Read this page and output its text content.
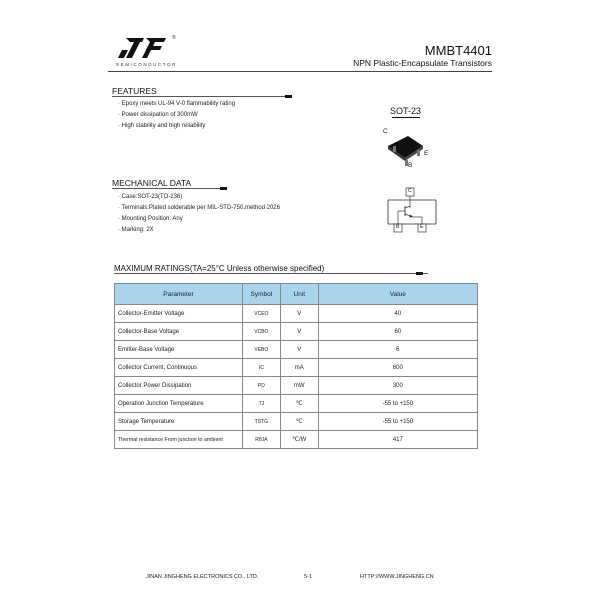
®
SEMICONDUCTOR
MMBT4401
NPN Plastic-Encapsulate Transistors
FEATURES
· Epoxy meets UL-94 V-0 flammability rating
· Power dissipation of 300mW
· High stability and high reliability
SOT-23
C
E
B
MECHANICAL DATA
· Case:SOT-23(TO-236)
· Terminals:Plated solderable per MIL-STD-750,method 2026
· Mounting Position: Any
· Marking: 2X
C
B	E
MAXIMUM RATINGS(TA=25°C Unless otherwise specified)
Parameter	Symbol	Unit	Value
Collector-Emitter Voltage	VCEO	V	40
Collector-Base Voltage	VCBO	V	60
Emitter-Base Voltage	VEBO	V	6
Collector Current, Continuous	IC	mA	600
Collector Power Dissipation	PD	mW	300
Operation Junction Temperature	TJ	℃	-55 to +150
Storage Temperature	TSTG	℃	-55 to +150
Thermal resistance From junction to ambient	RθJA	℃/W	417
JINAN JINGHENG ELECTRONICS CO., LTD.	5-1	HTTP://WWW.JINGHENG.CN
